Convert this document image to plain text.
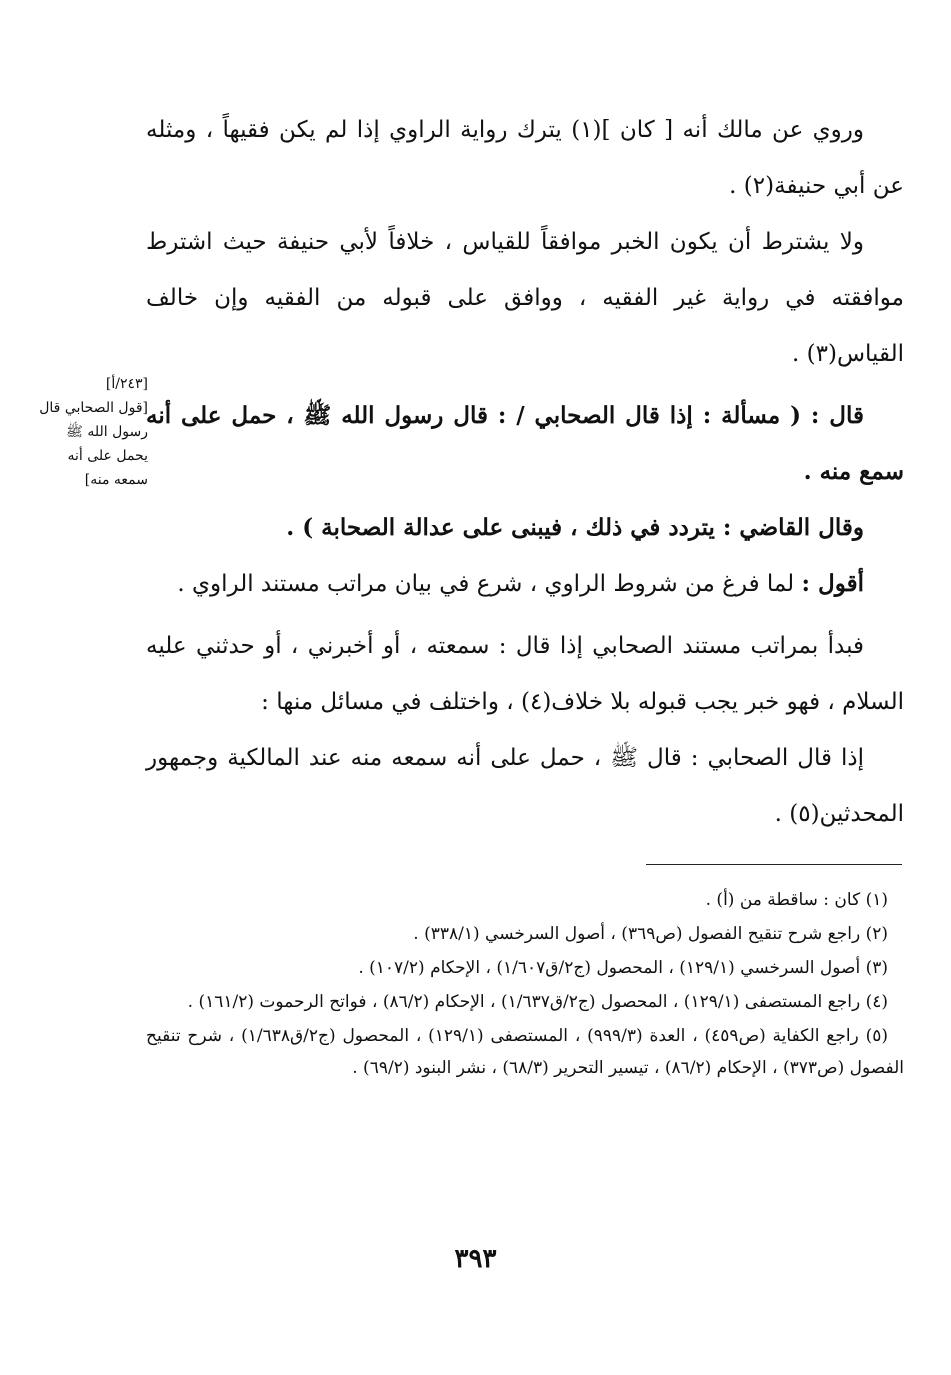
وروي عن مالك أنه [ كان ](١) يترك رواية الراوي إذا لم يكن فقيهاً ، ومثله عن أبي حنيفة(٢) .

ولا يشترط أن يكون الخبر موافقاً للقياس ، خلافاً لأبي حنيفة حيث اشترط موافقته في رواية غير الفقيه ، ووافق على قبوله من الفقيه وإن خالف القياس(٣) .

قال : ( مسألة : إذا قال الصحابي / : قال رسول الله ﷺ ، حمل على أنه سمع منه .

وقال القاضي : يتردد في ذلك ، فيبنى على عدالة الصحابة ) .

أقول : لما فرغ من شروط الراوي ، شرع في بيان مراتب مستند الراوي .

فبدأ بمراتب مستند الصحابي إذا قال : سمعته ، أو أخبرني ، أو حدثني عليه السلام ، فهو خبر يجب قبوله بلا خلاف(٤) ، واختلف في مسائل منها :

إذا قال الصحابي : قال ﷺ ، حمل على أنه سمعه منه عند المالكية وجمهور المحدثين(٥) .

[٢٤٣/أ]
[قول الصحابي قال رسول الله ﷺ يحمل على أنه سمعه منه]

(١) كان : ساقطة من (أ) .

(٢) راجع شرح تنقيح الفصول (ص٣٦٩) ، أصول السرخسي (٣٣٨/١) .

(٣) أصول السرخسي (١٢٩/١) ، المحصول (ج٢/ق١/٦٠٧) ، الإحكام (١٠٧/٢) .

(٤) راجع المستصفى (١٢٩/١) ، المحصول (ج٢/ق١/٦٣٧) ، الإحكام (٨٦/٢) ، فواتح الرحموت (١٦١/٢) .

(٥) راجع الكفاية (ص٤٥٩) ، العدة (٩٩٩/٣) ، المستصفى (١٢٩/١) ، المحصول (ج٢/ق١/٦٣٨) ، شرح تنقيح الفصول (ص٣٧٣) ، الإحكام (٨٦/٢) ، تيسير التحرير (٦٨/٣) ، نشر البنود (٦٩/٢) .

٣٩٣
